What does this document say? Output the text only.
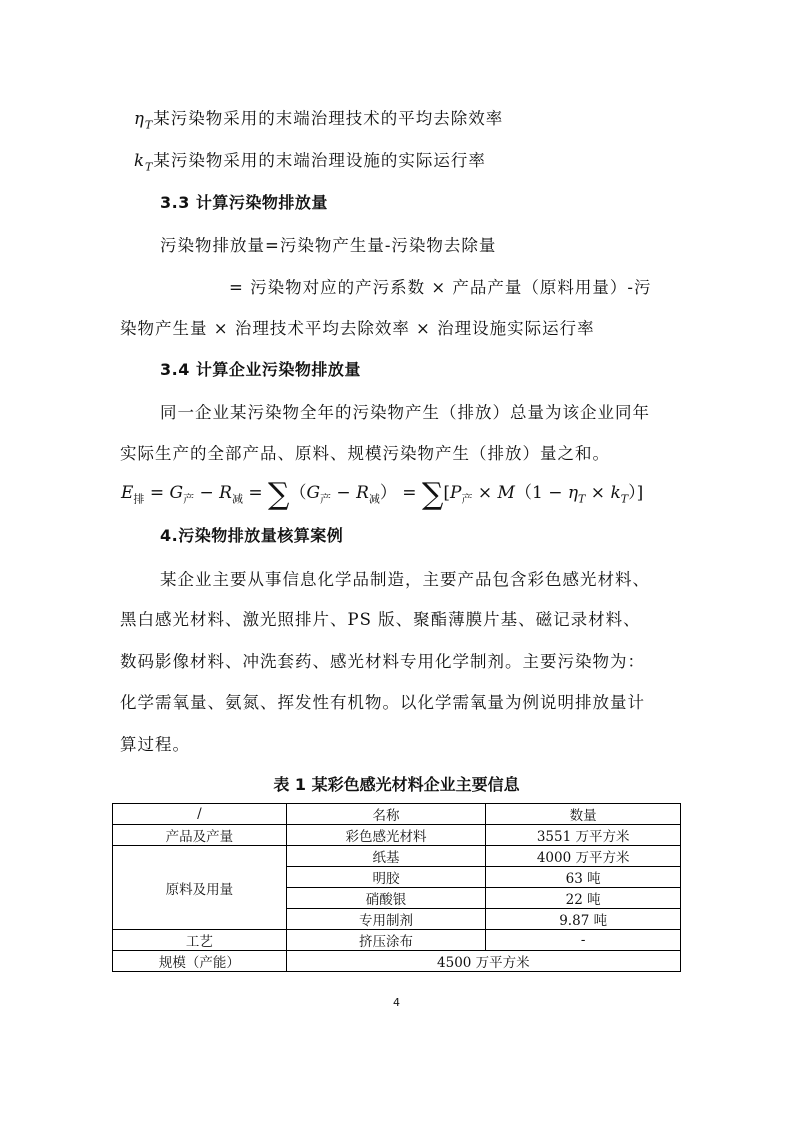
$\eta_T$某污染物采用的末端治理技术的平均去除效率
$k_T$某污染物采用的末端治理设施的实际运行率
3.3 计算污染物排放量
污染物排放量=污染物产生量-污染物去除量
= 污染物对应的产污系数 × 产品产量（原料用量）-污
染物产生量 × 治理技术平均去除效率 × 治理设施实际运行率
3.4 计算企业污染物排放量
同一企业某污染物全年的污染物产生（排放）总量为该企业同年
实际生产的全部产品、原料、规模污染物产生（排放）量之和。
$E_排 = G_产 - R_减 = \sum(G_产 - R_减) = \sum[P_产 \times M(1 - \eta_T \times k_T)]$
4.污染物排放量核算案例
某企业主要从事信息化学品制造，主要产品包含彩色感光材料、
黑白感光材料、激光照排片、PS 版、聚酯薄膜片基、磁记录材料、
数码影像材料、冲洗套药、感光材料专用化学制剂。主要污染物为：
化学需氧量、氨氮、挥发性有机物。以化学需氧量为例说明排放量计
算过程。
表 1 某彩色感光材料企业主要信息
/	名称	数量
产品及产量	彩色感光材料	3551 万平方米
原料及用量	纸基	4000 万平方米
	明胶	63 吨
	硝酸银	22 吨
	专用制剂	9.87 吨
工艺	挤压涂布	-
规模（产能）	4500 万平方米	
4
